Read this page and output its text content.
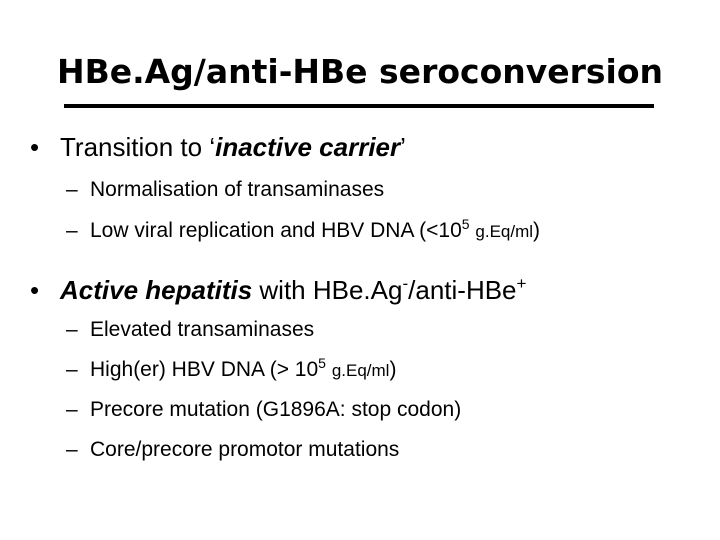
HBe.Ag/anti-HBe seroconversion
• Transition to ‘inactive carrier’
– Normalisation of transaminases
– Low viral replication and HBV DNA ($<10^5$ g.Eq/ml)
• Active hepatitis with HBe.Ag-/anti-HBe+
– Elevated transaminases
– High(er) HBV DNA (> $10^5$ g.Eq/ml)
– Precore mutation (G1896A: stop codon)
– Core/precore promotor mutations
